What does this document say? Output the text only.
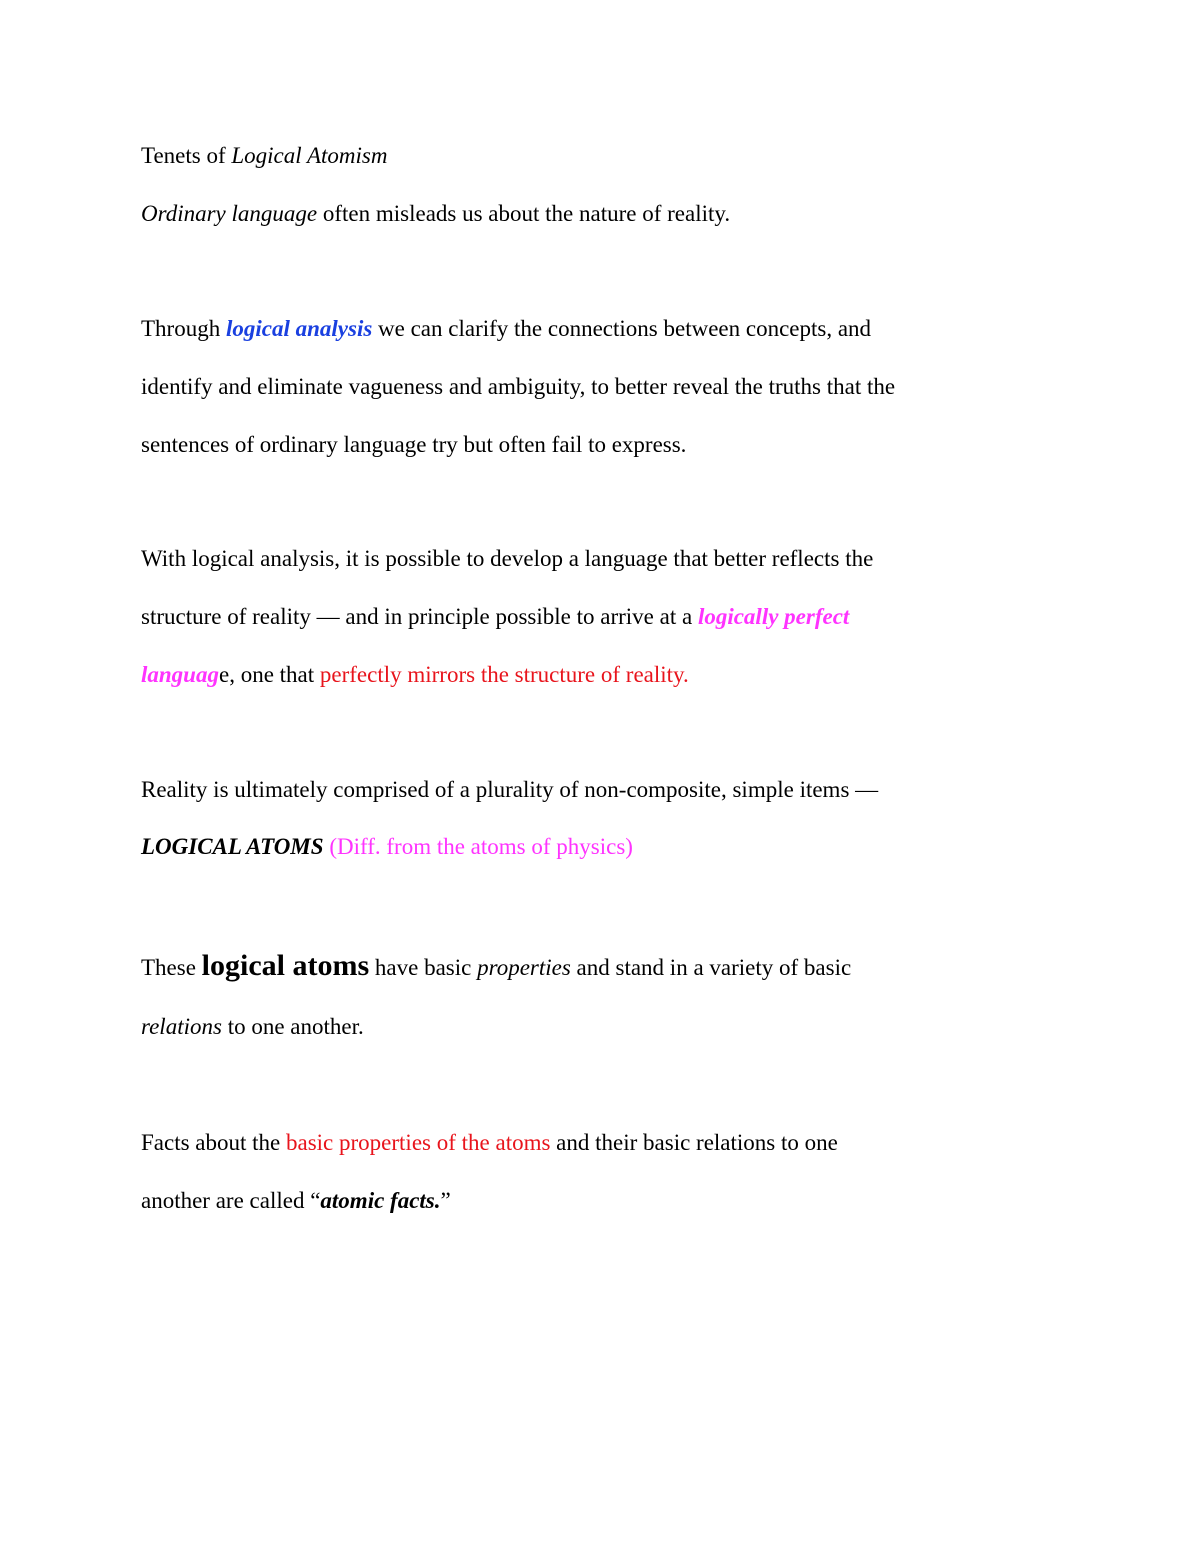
Tenets of Logical Atomism
Ordinary language often misleads us about the nature of reality.
Through logical analysis we can clarify the connections between concepts, and
identify and eliminate vagueness and ambiguity, to better reveal the truths that the
sentences of ordinary language try but often fail to express.
With logical analysis, it is possible to develop a language that better reflects the
structure of reality — and in principle possible to arrive at a logically perfect
language, one that perfectly mirrors the structure of reality.
Reality is ultimately comprised of a plurality of non-composite, simple items —
LOGICAL ATOMS (Diff. from the atoms of physics)
These logical atoms have basic properties and stand in a variety of basic
relations to one another.
Facts about the basic properties of the atoms and their basic relations to one
another are called “atomic facts.”
